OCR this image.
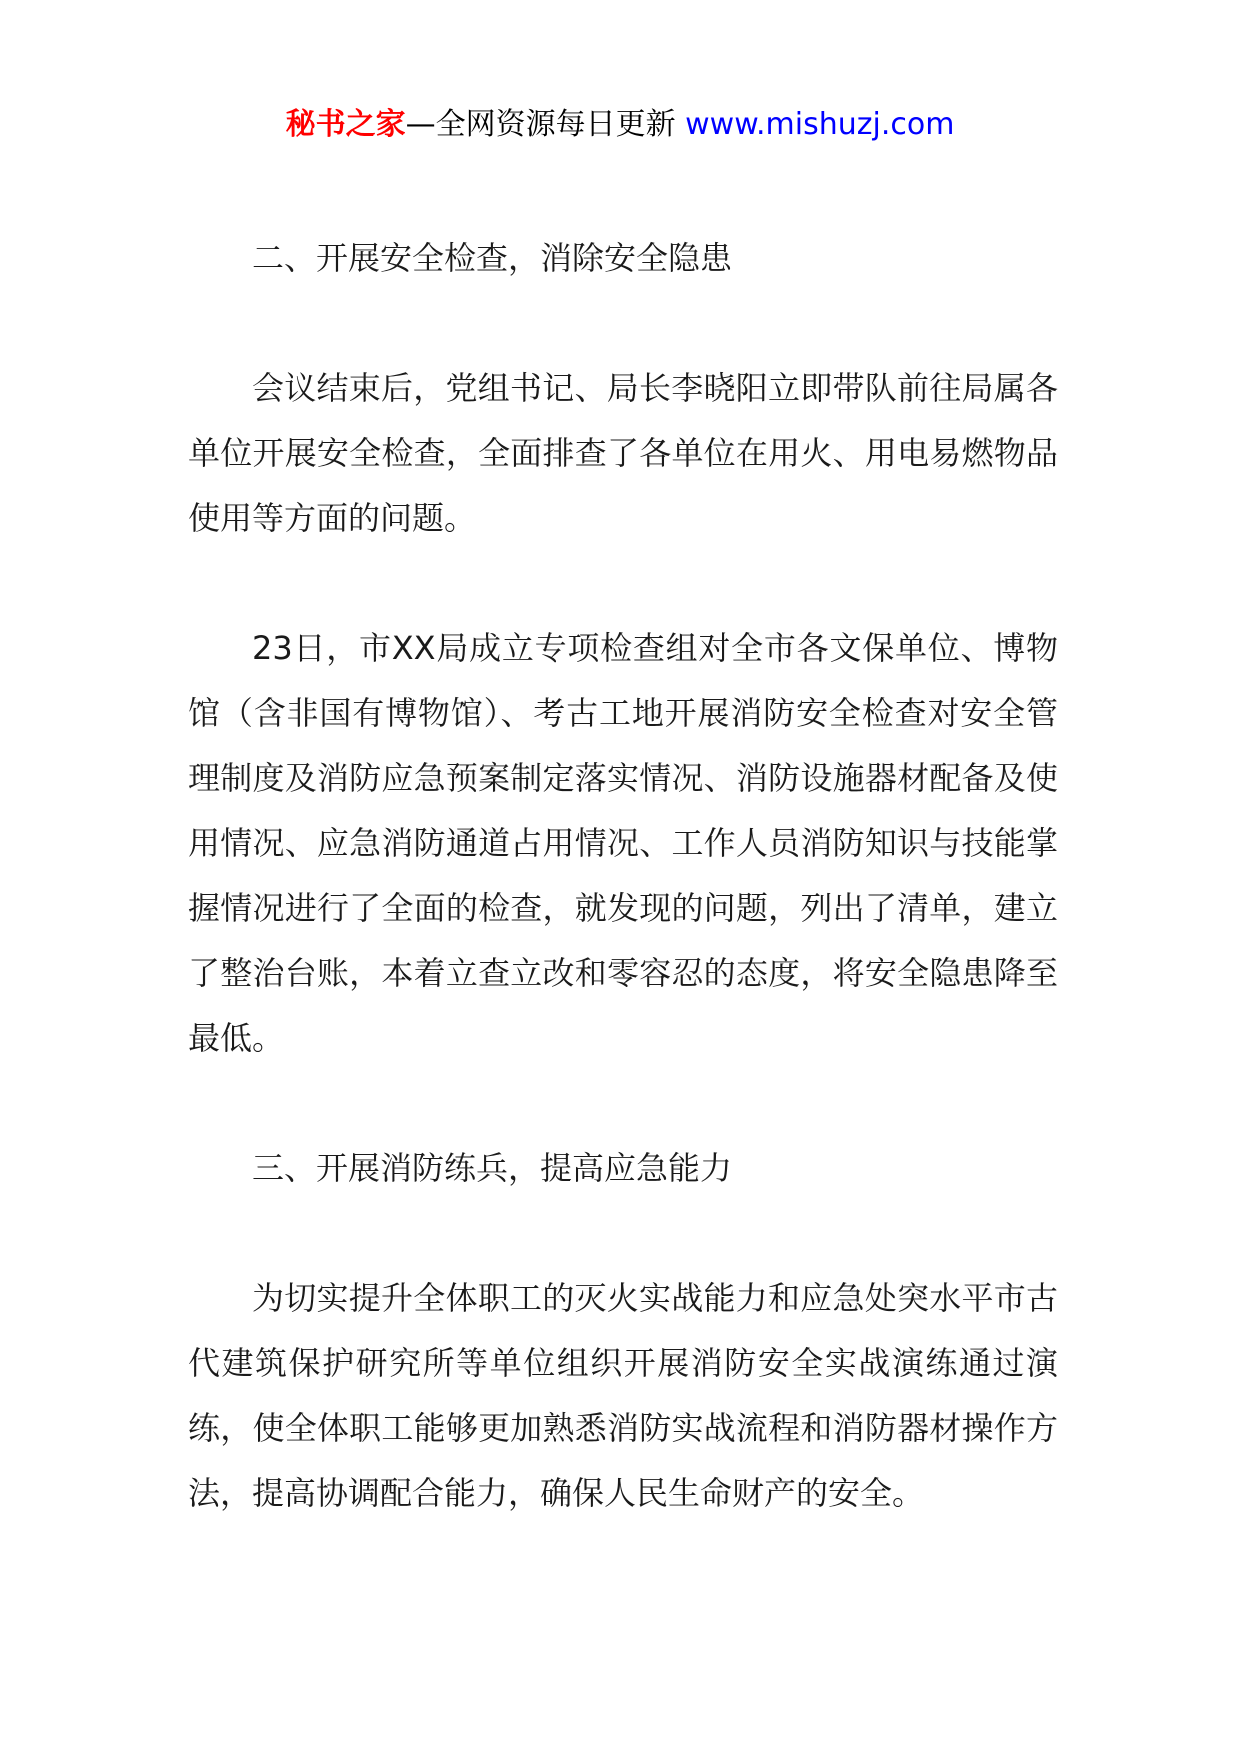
秘书之家—全网资源每日更新 www.mishuzj.com

二、开展安全检查，消除安全隐患

会议结束后，党组书记、局长李晓阳立即带队前往局属各单位开展安全检查，全面排查了各单位在用火、用电易燃物品使用等方面的问题。

23日，市XX局成立专项检查组对全市各文保单位、博物馆（含非国有博物馆）、考古工地开展消防安全检查对安全管理制度及消防应急预案制定落实情况、消防设施器材配备及使用情况、应急消防通道占用情况、工作人员消防知识与技能掌握情况进行了全面的检查，就发现的问题，列出了清单，建立了整治台账，本着立查立改和零容忍的态度，将安全隐患降至最低。

三、开展消防练兵，提高应急能力

为切实提升全体职工的灭火实战能力和应急处突水平市古代建筑保护研究所等单位组织开展消防安全实战演练通过演练，使全体职工能够更加熟悉消防实战流程和消防器材操作方法，提高协调配合能力，确保人民生命财产的安全。
